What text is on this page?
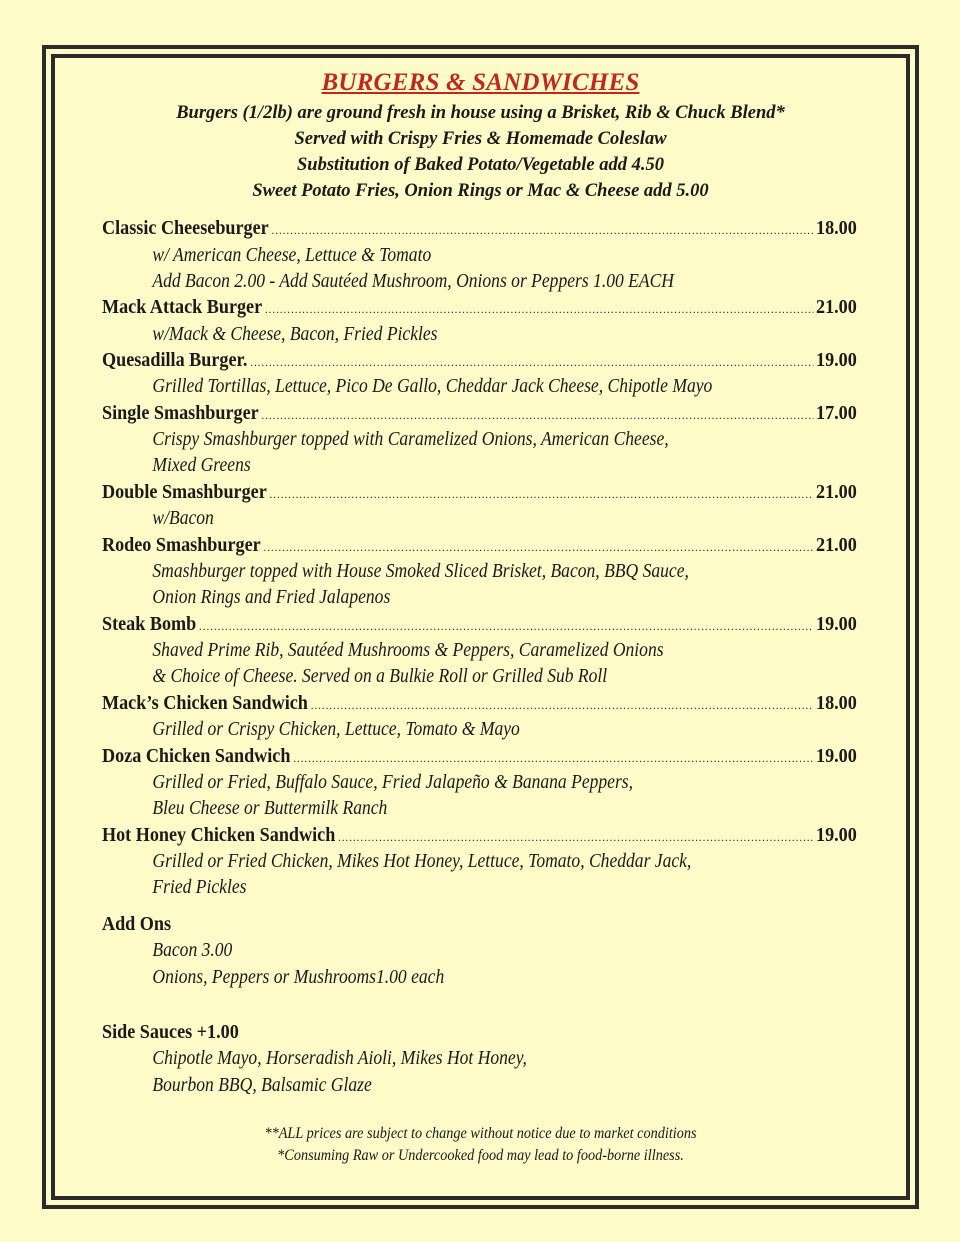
BURGERS & SANDWICHES
Burgers (1/2lb) are ground fresh in house using a Brisket, Rib & Chuck Blend*
Served with Crispy Fries & Homemade Coleslaw
Substitution of Baked Potato/Vegetable add 4.50
Sweet Potato Fries, Onion Rings or Mac & Cheese add 5.00
Classic Cheeseburger .....	18.00
w/ American Cheese, Lettuce & Tomato
Add Bacon 2.00 - Add Sautéed Mushroom, Onions or Peppers 1.00 EACH
Mack Attack Burger .....	21.00
w/Mack & Cheese, Bacon, Fried Pickles
Quesadilla Burger. .....	19.00
Grilled Tortillas, Lettuce, Pico De Gallo, Cheddar Jack Cheese, Chipotle Mayo
Single Smashburger .....	17.00
Crispy Smashburger topped with Caramelized Onions, American Cheese,
Mixed Greens
Double Smashburger .....	21.00
w/Bacon
Rodeo Smashburger .....	21.00
Smashburger topped with House Smoked Sliced Brisket, Bacon, BBQ Sauce,
Onion Rings and Fried Jalapenos
Steak Bomb .....	19.00
Shaved Prime Rib, Sautéed Mushrooms & Peppers, Caramelized Onions
& Choice of Cheese. Served on a Bulkie Roll or Grilled Sub Roll
Mack’s Chicken Sandwich .....	18.00
Grilled or Crispy Chicken, Lettuce, Tomato & Mayo
Doza Chicken Sandwich .....	19.00
Grilled or Fried, Buffalo Sauce, Fried Jalapeño & Banana Peppers,
Bleu Cheese or Buttermilk Ranch
Hot Honey Chicken Sandwich .....	19.00
Grilled or Fried Chicken, Mikes Hot Honey, Lettuce, Tomato, Cheddar Jack,
Fried Pickles
Add Ons
Bacon 3.00
Onions, Peppers or Mushrooms1.00 each
Side Sauces +1.00
Chipotle Mayo, Horseradish Aioli, Mikes Hot Honey,
Bourbon BBQ, Balsamic Glaze
**ALL prices are subject to change without notice due to market conditions
*Consuming Raw or Undercooked food may lead to food-borne illness.
